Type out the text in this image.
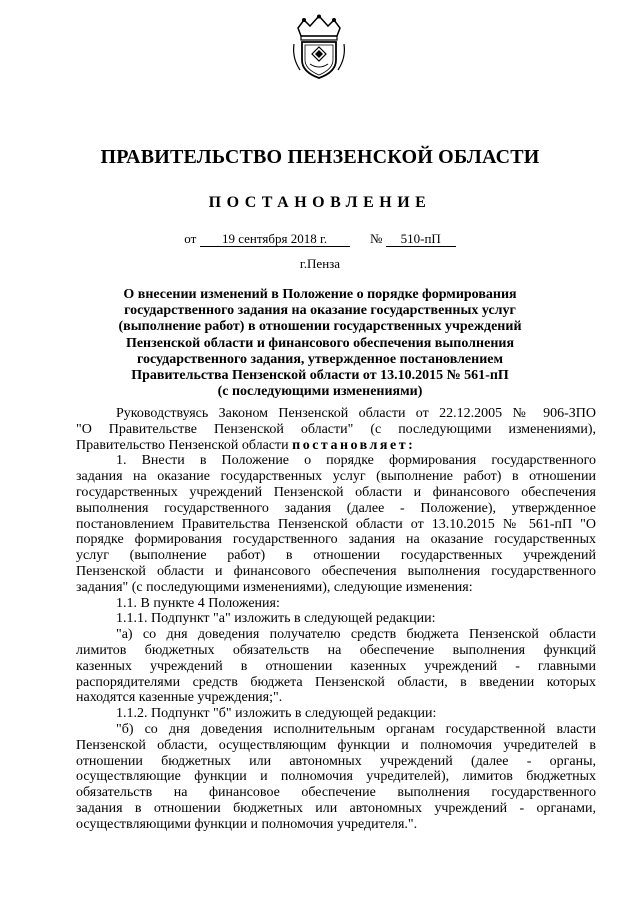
ПРАВИТЕЛЬСТВО ПЕНЗЕНСКОЙ ОБЛАСТИ
ПОСТАНОВЛЕНИЕ
от 19 сентября 2018 г.	№ 510-пП
г.Пенза
О внесении изменений в Положение о порядке формирования
государственного задания на оказание государственных услуг
(выполнение работ) в отношении государственных учреждений
Пензенской области и финансового обеспечения выполнения
государственного задания, утвержденное постановлением
Правительства Пензенской области от 13.10.2015 № 561-пП
(с последующими изменениями)
Руководствуясь Законом Пензенской области от 22.12.2005 № 906-ЗПО
"О Правительстве Пензенской области" (с последующими изменениями),
Правительство Пензенской области постановляет:
1. Внести в Положение о порядке формирования государственного
задания на оказание государственных услуг (выполнение работ) в отношении
государственных учреждений Пензенской области и финансового обеспечения
выполнения государственного задания (далее - Положение), утвержденное
постановлением Правительства Пензенской области от 13.10.2015 № 561-пП "О
порядке формирования государственного задания на оказание государственных
услуг (выполнение работ) в отношении государственных учреждений
Пензенской области и финансового обеспечения выполнения государственного
задания" (с последующими изменениями), следующие изменения:
1.1. В пункте 4 Положения:
1.1.1. Подпункт "а" изложить в следующей редакции:
"а) со дня доведения получателю средств бюджета Пензенской области
лимитов бюджетных обязательств на обеспечение выполнения функций
казенных учреждений в отношении казенных учреждений - главными
распорядителями средств бюджета Пензенской области, в введении которых
находятся казенные учреждения;".
1.1.2. Подпункт "б" изложить в следующей редакции:
"б) со дня доведения исполнительным органам государственной власти
Пензенской области, осуществляющим функции и полномочия учредителей в
отношении бюджетных или автономных учреждений (далее - органы,
осуществляющие функции и полномочия учредителей), лимитов бюджетных
обязательств на финансовое обеспечение выполнения государственного
задания в отношении бюджетных или автономных учреждений - органами,
осуществляющими функции и полномочия учредителя.".
